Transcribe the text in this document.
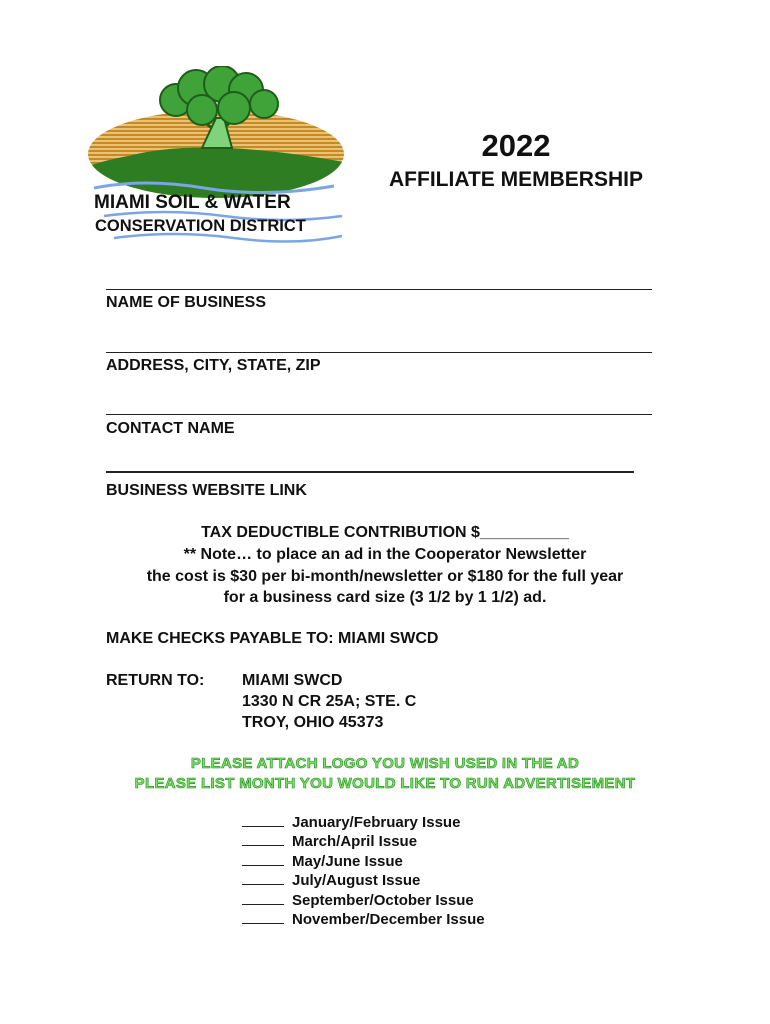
MIAMI SOIL & WATER
CONSERVATION DISTRICT
2022
AFFILIATE MEMBERSHIP
NAME OF BUSINESS
ADDRESS, CITY, STATE, ZIP
CONTACT NAME
BUSINESS WEBSITE LINK
TAX DEDUCTIBLE CONTRIBUTION $__________
** Note… to place an ad in the Cooperator Newsletter
the cost is $30 per bi-month/newsletter or $180 for the full year
for a business card size (3 1/2 by 1 1/2) ad.
MAKE CHECKS PAYABLE TO: MIAMI SWCD
RETURN TO: MIAMI SWCD
1330 N CR 25A; STE. C
TROY, OHIO 45373
PLEASE ATTACH LOGO YOU WISH USED IN THE AD
PLEASE LIST MONTH YOU WOULD LIKE TO RUN ADVERTISEMENT
January/February Issue
March/April Issue
May/June Issue
July/August Issue
September/October Issue
November/December Issue
